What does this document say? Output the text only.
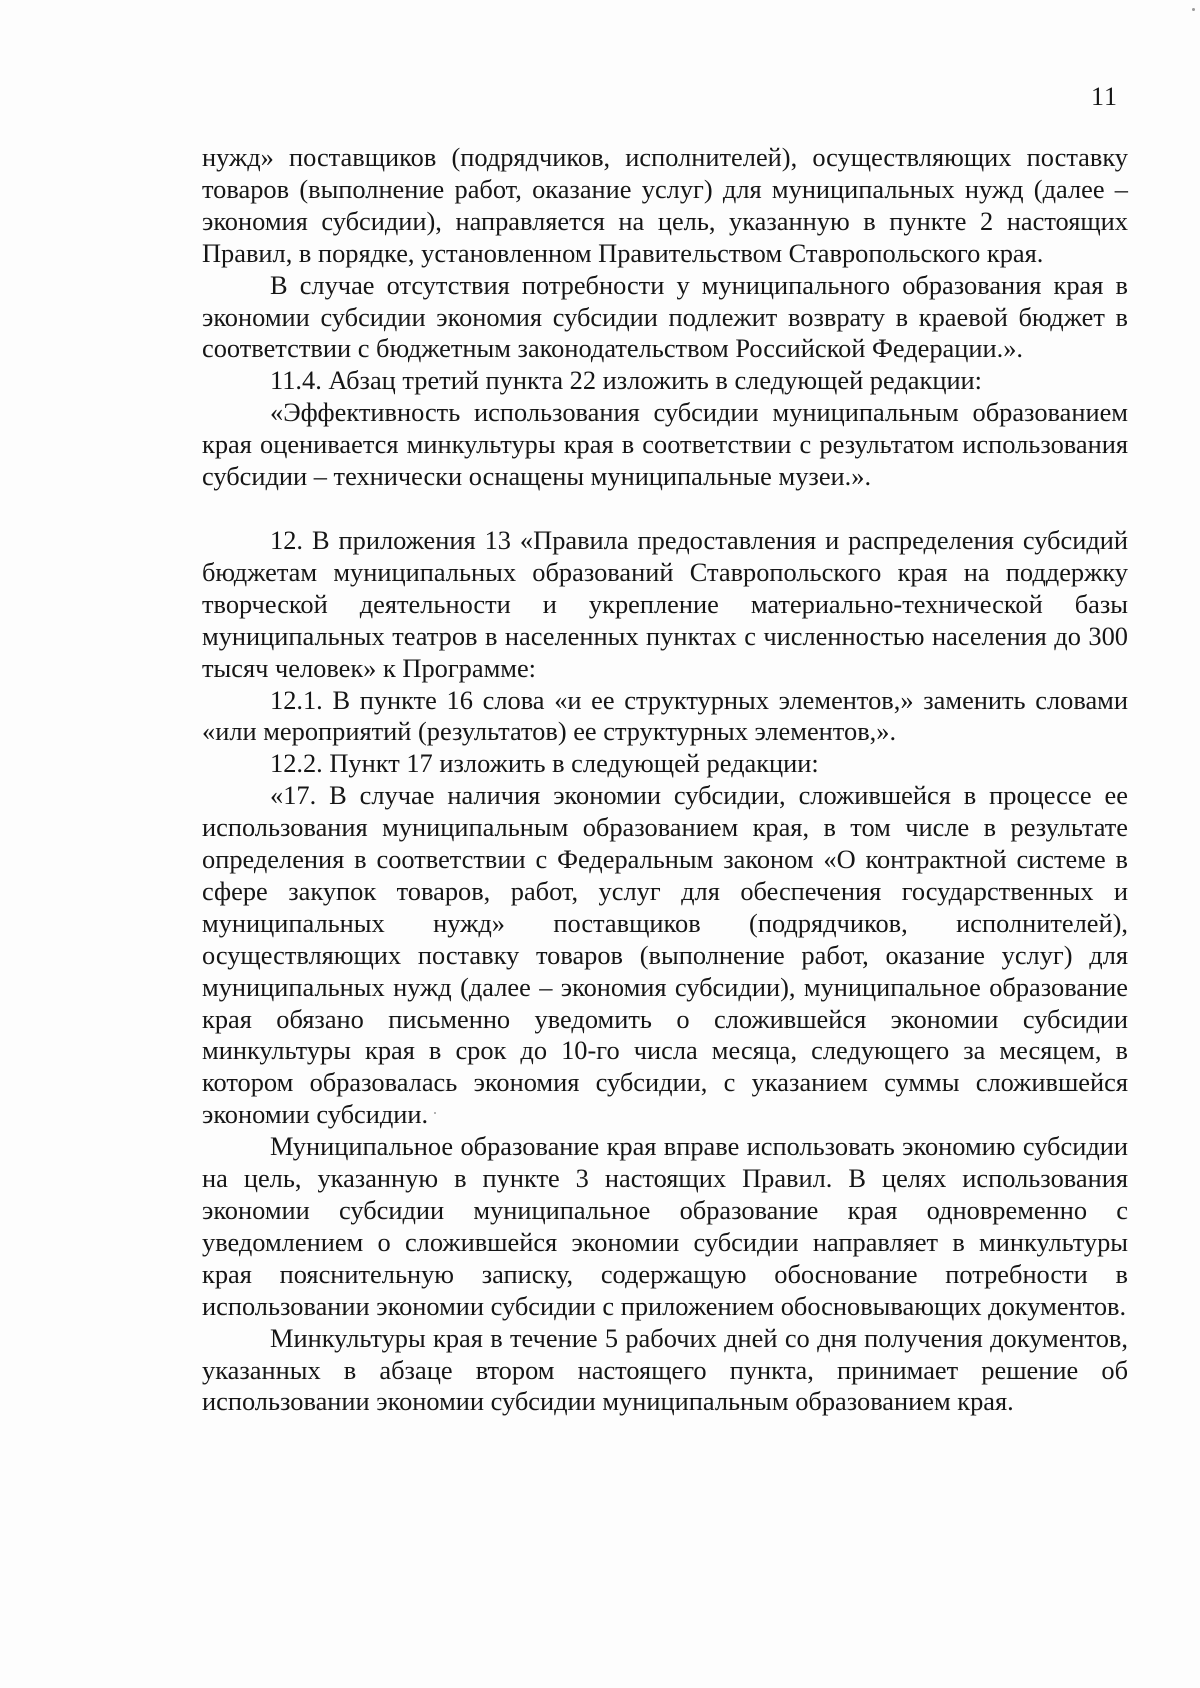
11

нужд» поставщиков (подрядчиков, исполнителей), осуществляющих поставку товаров (выполнение работ, оказание услуг) для муниципальных нужд (далее – экономия субсидии), направляется на цель, указанную в пункте 2 настоящих Правил, в порядке, установленном Правительством Ставропольского края.

В случае отсутствия потребности у муниципального образования края в экономии субсидии экономия субсидии подлежит возврату в краевой бюджет в соответствии с бюджетным законодательством Российской Федерации.».

11.4. Абзац третий пункта 22 изложить в следующей редакции:

«Эффективность использования субсидии муниципальным образованием края оценивается минкультуры края в соответствии с результатом использования субсидии – технически оснащены муниципальные музеи.».

12. В приложения 13 «Правила предоставления и распределения субсидий бюджетам муниципальных образований Ставропольского края на поддержку творческой деятельности и укрепление материально-технической базы муниципальных театров в населенных пунктах с численностью населения до 300 тысяч человек» к Программе:

12.1. В пункте 16 слова «и ее структурных элементов,» заменить словами «или мероприятий (результатов) ее структурных элементов,».

12.2. Пункт 17 изложить в следующей редакции:

«17. В случае наличия экономии субсидии, сложившейся в процессе ее использования муниципальным образованием края, в том числе в результате определения в соответствии с Федеральным законом «О контрактной системе в сфере закупок товаров, работ, услуг для обеспечения государственных и муниципальных нужд» поставщиков (подрядчиков, исполнителей), осуществляющих поставку товаров (выполнение работ, оказание услуг) для муниципальных нужд (далее – экономия субсидии), муниципальное образование края обязано письменно уведомить о сложившейся экономии субсидии минкультуры края в срок до 10-го числа месяца, следующего за месяцем, в котором образовалась экономия субсидии, с указанием суммы сложившейся экономии субсидии.

Муниципальное образование края вправе использовать экономию субсидии на цель, указанную в пункте 3 настоящих Правил. В целях использования экономии субсидии муниципальное образование края одновременно с уведомлением о сложившейся экономии субсидии направляет в минкультуры края пояснительную записку, содержащую обоснование потребности в использовании экономии субсидии с приложением обосновывающих документов.

Минкультуры края в течение 5 рабочих дней со дня получения документов, указанных в абзаце втором настоящего пункта, принимает решение об использовании экономии субсидии муниципальным образованием края.
